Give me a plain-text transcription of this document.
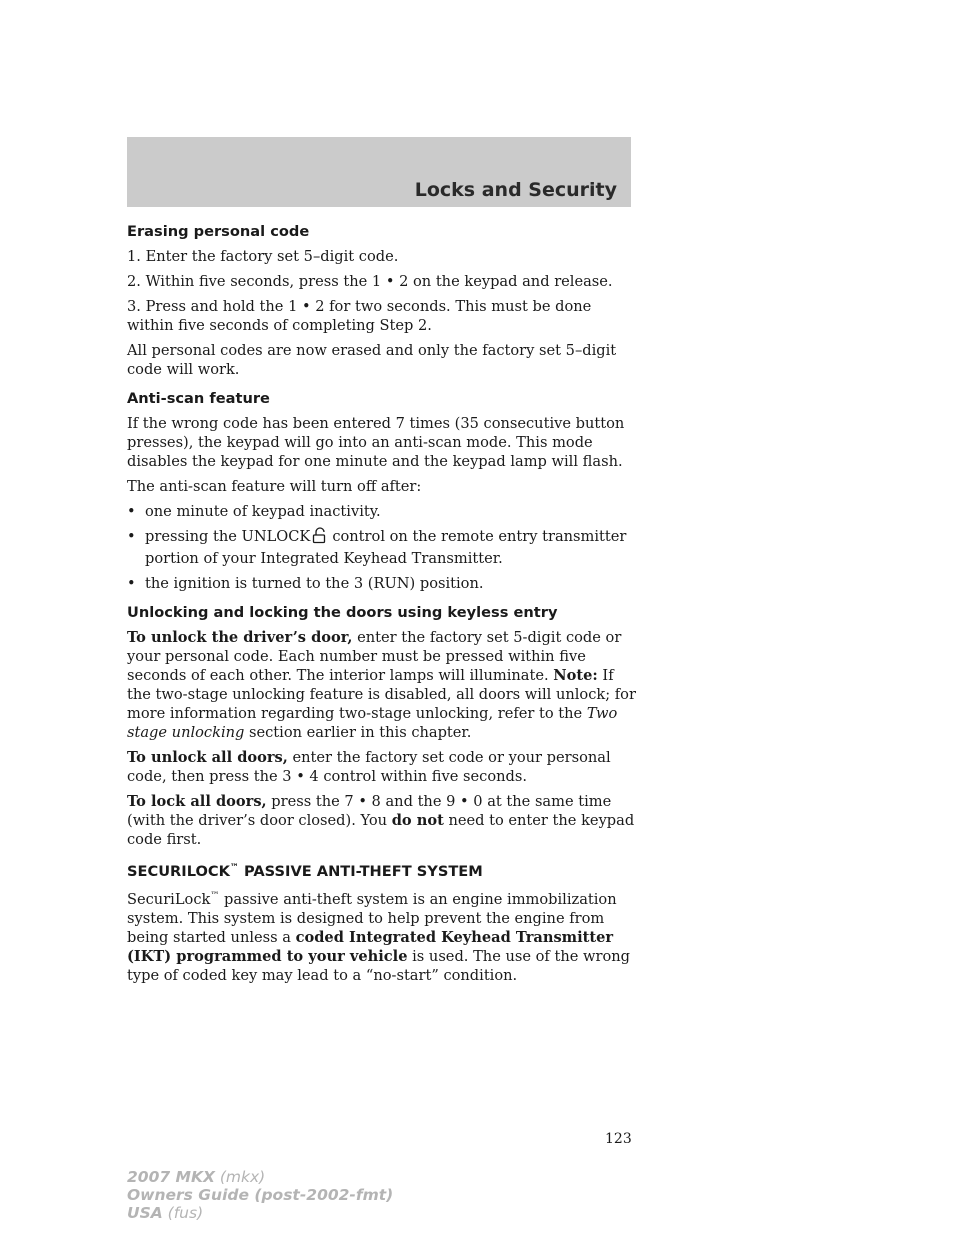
Locks and Security
Erasing personal code

1. Enter the factory set 5–digit code.

2. Within five seconds, press the 1 • 2 on the keypad and release.

3. Press and hold the 1 • 2 for two seconds. This must be done within five seconds of completing Step 2.

All personal codes are now erased and only the factory set 5–digit code will work.

Anti-scan feature

If the wrong code has been entered 7 times (35 consecutive button presses), the keypad will go into an anti-scan mode. This mode disables the keypad for one minute and the keypad lamp will flash.

The anti-scan feature will turn off after:

• one minute of keypad inactivity.
• pressing the UNLOCK control on the remote entry transmitter portion of your Integrated Keyhead Transmitter.
• the ignition is turned to the 3 (RUN) position.
Unlocking and locking the doors using keyless entry

To unlock the driver’s door, enter the factory set 5-digit code or your personal code. Each number must be pressed within five seconds of each other. The interior lamps will illuminate. Note: If the two-stage unlocking feature is disabled, all doors will unlock; for more information regarding two-stage unlocking, refer to the Two stage unlocking section earlier in this chapter.

To unlock all doors, enter the factory set code or your personal code, then press the 3 • 4 control within five seconds.

To lock all doors, press the 7 • 8 and the 9 • 0 at the same time (with the driver’s door closed). You do not need to enter the keypad code first.

SECURILOCK™ PASSIVE ANTI-THEFT SYSTEM

SecuriLock™ passive anti-theft system is an engine immobilization system. This system is designed to help prevent the engine from being started unless a coded Integrated Keyhead Transmitter (IKT) programmed to your vehicle is used. The use of the wrong type of coded key may lead to a “no-start” condition.

123
2007 MKX (mkx)
Owners Guide (post-2002-fmt)
USA (fus)
